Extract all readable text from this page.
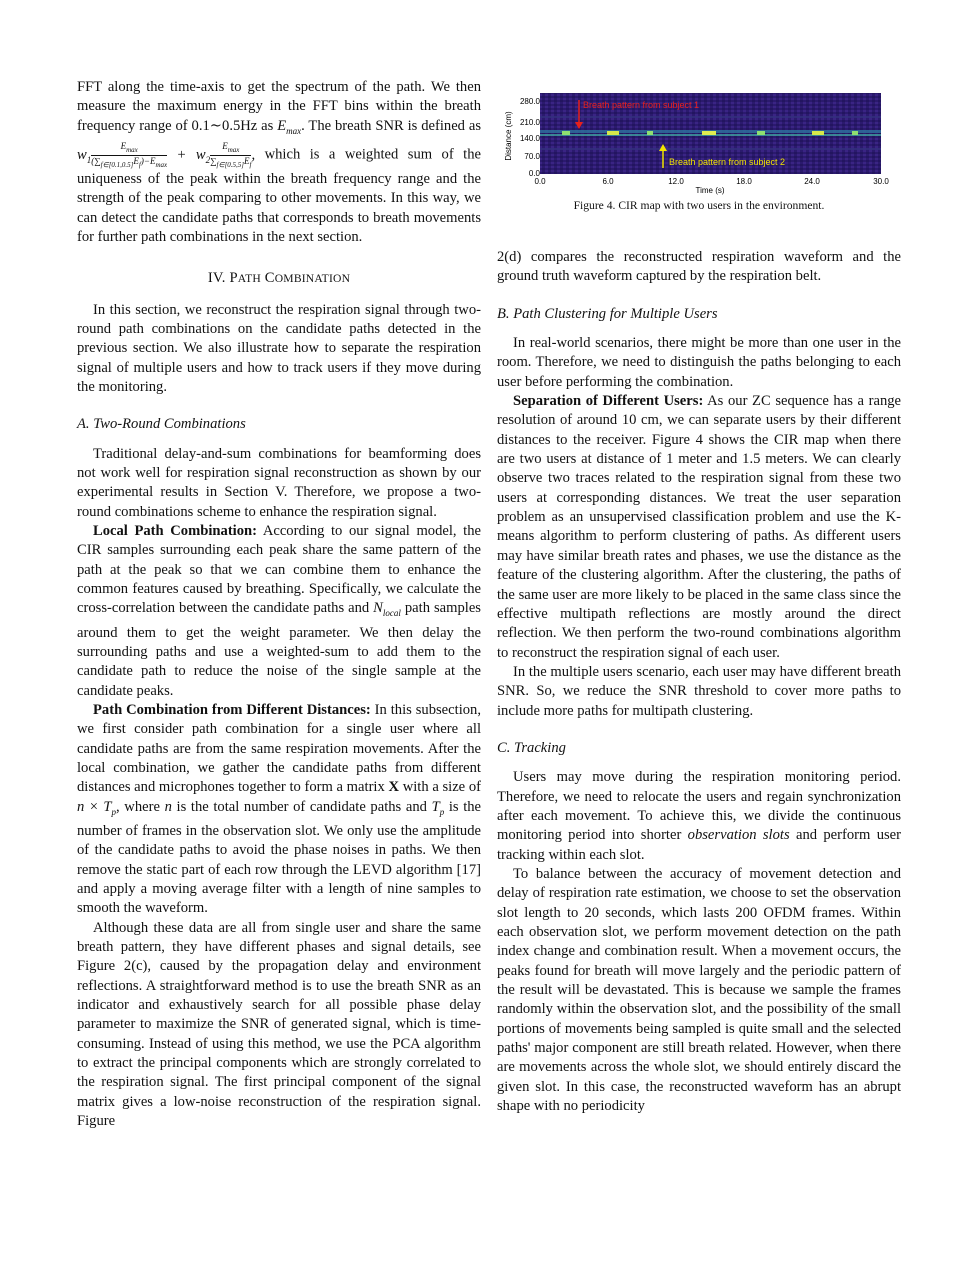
FFT along the time-axis to get the spectrum of the path. We then measure the maximum energy in the FFT bins within the breath frequency range of 0.1∼0.5Hz as $E_{max}$. The breath SNR is defined as $w_1 \frac{E_{max}}{(\sum_{f\in[0.1,0.5]}E_f)-E_{max}} + w_2 \frac{E_{max}}{\sum_{f\in[0.5,5]}E_f}$ , which is a weighted sum of the uniqueness of the peak within the breath frequency range and the strength of the peak comparing to other movements. In this way, we can detect the candidate paths that corresponds to breath movements for further path combinations in the next section.

IV. PATH COMBINATION

In this section, we reconstruct the respiration signal through two-round path combinations on the candidate paths detected in the previous section. We also illustrate how to separate the respiration signal of multiple users and how to track users if they move during the monitoring.

A. Two-Round Combinations

Traditional delay-and-sum combinations for beamforming does not work well for respiration signal reconstruction as shown by our experimental results in Section V. Therefore, we propose a two-round combinations scheme to enhance the respiration signal.

Local Path Combination: According to our signal model, the CIR samples surrounding each peak share the same pattern of the path at the peak so that we can combine them to enhance the common features caused by breathing. Specifically, we calculate the cross-correlation between the candidate paths and $N_{local}$ path samples around them to get the weight parameter. We then delay the surrounding paths and use a weighted-sum to add them to the candidate path to reduce the noise of the single sample at the candidate peaks.

Path Combination from Different Distances: In this subsection, we first consider path combination for a single user where all candidate paths are from the same respiration movements. After the local combination, we gather the candidate paths from different distances and microphones together to form a matrix X with a size of $n \times T_p$, where n is the total number of candidate paths and $T_p$ is the number of frames in the observation slot. We only use the amplitude of the candidate paths to avoid the phase noises in paths. We then remove the static part of each row through the LEVD algorithm [17] and apply a moving average filter with a length of nine samples to smooth the waveform.

Although these data are all from single user and share the same breath pattern, they have different phases and signal details, see Figure 2(c), caused by the propagation delay and environment reflections. A straightforward method is to use the breath SNR as an indicator and exhaustively search for all possible phase delay parameter to maximize the SNR of generated signal, which is time-consuming. Instead of using this method, we use the PCA algorithm to extract the principal components which are strongly correlated to the respiration signal. The first principal component of the signal matrix gives a low-noise reconstruction of the respiration signal. Figure

Distance (cm)
280.0
210.0
140.0
70.0
0.0
Breath pattern from subject 1
Breath pattern from subject 2
0.0	6.0	12.0	18.0	24.0	30.0
Time (s)
Figure 4. CIR map with two users in the environment.

2(d) compares the reconstructed respiration waveform and the ground truth waveform captured by the respiration belt.

B. Path Clustering for Multiple Users

In real-world scenarios, there might be more than one user in the room. Therefore, we need to distinguish the paths belonging to each user before performing the combination.

Separation of Different Users: As our ZC sequence has a range resolution of around 10 cm, we can separate users by their different distances to the receiver. Figure 4 shows the CIR map when there are two users at distance of 1 meter and 1.5 meters. We can clearly observe two traces related to the respiration signal from these two users at corresponding distances. We treat the user separation problem as an unsupervised classification problem and use the K-means algorithm to perform clustering of paths. As different users may have similar breath rates and phases, we use the distance as the feature of the clustering algorithm. After the clustering, the paths of the same user are more likely to be placed in the same class since the effective multipath reflections are mostly around the direct reflection. We then perform the two-round combinations algorithm to reconstruct the respiration signal of each user.

In the multiple users scenario, each user may have different breath SNR. So, we reduce the SNR threshold to cover more paths to include more paths for multipath clustering.

C. Tracking

Users may move during the respiration monitoring period. Therefore, we need to relocate the users and regain synchronization after each movement. To achieve this, we divide the continuous monitoring period into shorter observation slots and perform user tracking within each slot.

To balance between the accuracy of movement detection and delay of respiration rate estimation, we choose to set the observation slot length to 20 seconds, which lasts 200 OFDM frames. Within each observation slot, we perform movement detection on the path index change and combination result. When a movement occurs, the peaks found for breath will move largely and the periodic pattern of the result will be devastated. This is because we sample the frames randomly within the observation slot, and the possibility of the small portions of movements being sampled is quite small and the selected paths' major component are still breath related. However, when there are movements across the whole slot, we should entirely discard the given slot. In this case, the reconstructed waveform has an abrupt shape with no periodicity
